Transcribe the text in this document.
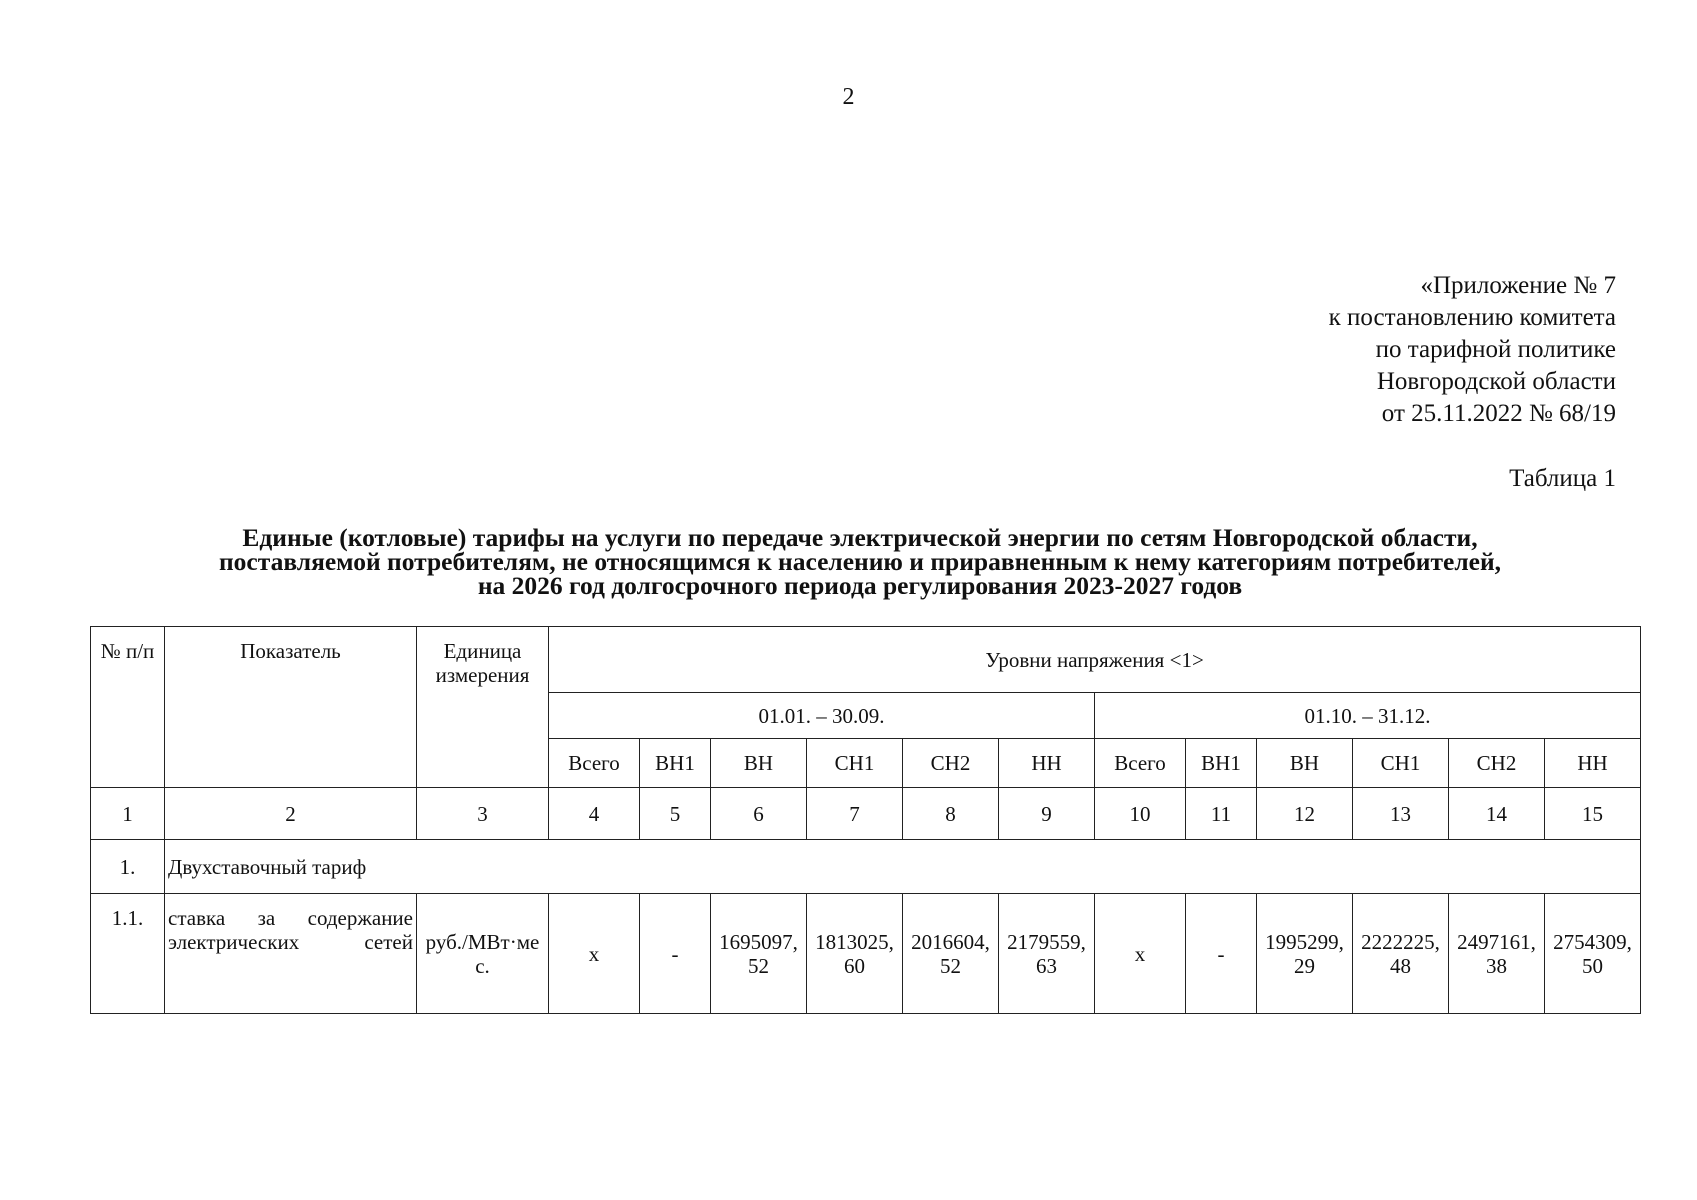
2
«Приложение № 7
к постановлению комитета
по тарифной политике
Новгородской области
от 25.11.2022 № 68/19
Таблица 1
Единые (котловые) тарифы на услуги по передаче электрической энергии по сетям Новгородской области,
поставляемой потребителям, не относящимся к населению и приравненным к нему категориям потребителей,
на 2026 год долгосрочного периода регулирования 2023-2027 годов
№ п/п	Показатель	Единица измерения	Уровни напряжения <1>											
			01.01. – 30.09.						01.10. – 31.12.					
			Всего	ВН1	ВН	СН1	СН2	НН	Всего	ВН1	ВН	СН1	СН2	НН
1	2	3	4	5	6	7	8	9	10	11	12	13	14	15
1.	Двухставочный тариф													
1.1.	ставка за содержание электрических сетей	руб./МВт·мес.	х	-	1695097,52	1813025,60	2016604,52	2179559,63	х	-	1995299,29	2222225,48	2497161,38	2754309,50
